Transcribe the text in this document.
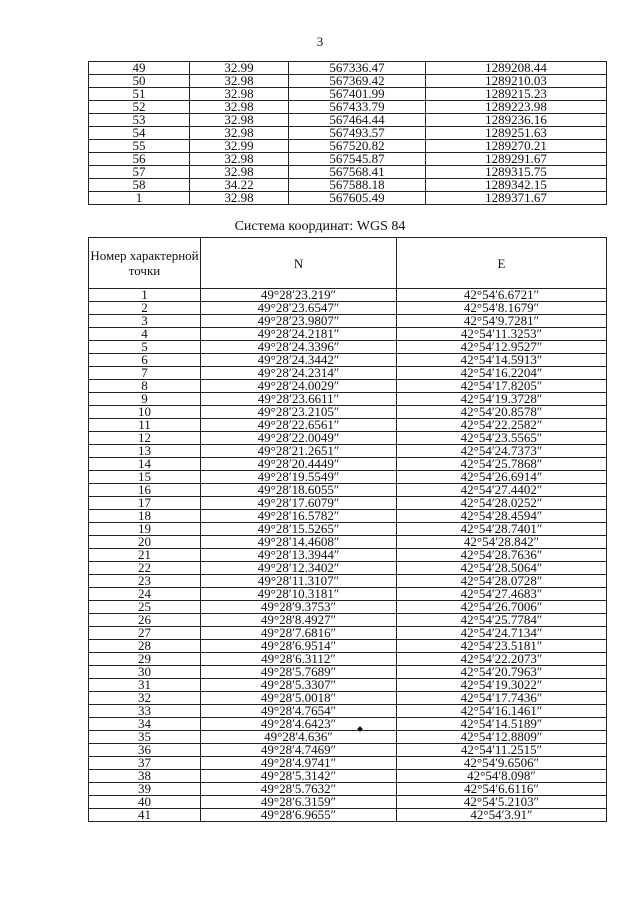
3
49	32.99	567336.47	1289208.44
50	32.98	567369.42	1289210.03
51	32.98	567401.99	1289215.23
52	32.98	567433.79	1289223.98
53	32.98	567464.44	1289236.16
54	32.98	567493.57	1289251.63
55	32.99	567520.82	1289270.21
56	32.98	567545.87	1289291.67
57	32.98	567568.41	1289315.75
58	34.22	567588.18	1289342.15
1	32.98	567605.49	1289371.67
Система координат: WGS 84
Номер характерной точки	N	E
1	49°28′23.219″	42°54′6.6721″
2	49°28′23.6547″	42°54′8.1679″
3	49°28′23.9807″	42°54′9.7281″
4	49°28′24.2181″	42°54′11.3253″
5	49°28′24.3396″	42°54′12.9527″
6	49°28′24.3442″	42°54′14.5913″
7	49°28′24.2314″	42°54′16.2204″
8	49°28′24.0029″	42°54′17.8205″
9	49°28′23.6611″	42°54′19.3728″
10	49°28′23.2105″	42°54′20.8578″
11	49°28′22.6561″	42°54′22.2582″
12	49°28′22.0049″	42°54′23.5565″
13	49°28′21.2651″	42°54′24.7373″
14	49°28′20.4449″	42°54′25.7868″
15	49°28′19.5549″	42°54′26.6914″
16	49°28′18.6055″	42°54′27.4402″
17	49°28′17.6079″	42°54′28.0252″
18	49°28′16.5782″	42°54′28.4594″
19	49°28′15.5265″	42°54′28.7401″
20	49°28′14.4608″	42°54′28.842″
21	49°28′13.3944″	42°54′28.7636″
22	49°28′12.3402″	42°54′28.5064″
23	49°28′11.3107″	42°54′28.0728″
24	49°28′10.3181″	42°54′27.4683″
25	49°28′9.3753″	42°54′26.7006″
26	49°28′8.4927″	42°54′25.7784″
27	49°28′7.6816″	42°54′24.7134″
28	49°28′6.9514″	42°54′23.5181″
29	49°28′6.3112″	42°54′22.2073″
30	49°28′5.7689″	42°54′20.7963″
31	49°28′5.3307″	42°54′19.3022″
32	49°28′5.0018″	42°54′17.7436″
33	49°28′4.7654″	42°54′16.1461″
34	49°28′4.6423″	42°54′14.5189″
35	49°28′4.636″	42°54′12.8809″
36	49°28′4.7469″	42°54′11.2515″
37	49°28′4.9741″	42°54′9.6506″
38	49°28′5.3142″	42°54′8.098″
39	49°28′5.7632″	42°54′6.6116″
40	49°28′6.3159″	42°54′5.2103″
41	49°28′6.9655″	42°54′3.91″
